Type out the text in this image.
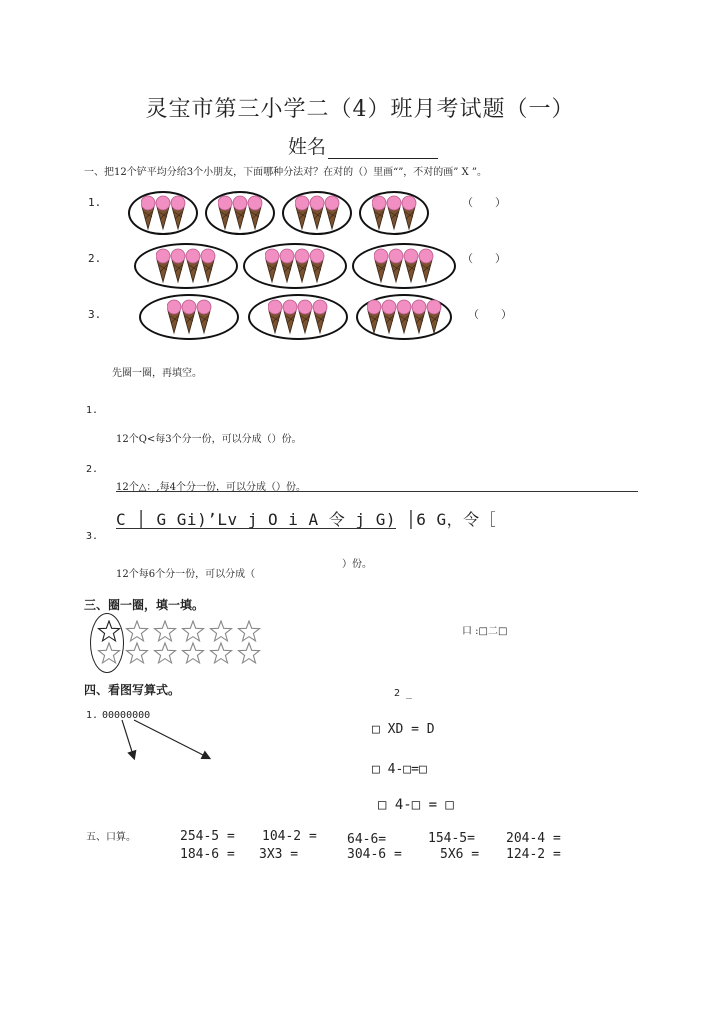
灵宝市第三小学二（4）班月考试题（一）
姓名
一、把12个铲平均分给3个小朋友，下面哪种分法对？在对的（）里画“”，不对的画” X ”。
1.
2.
3.
（　　）
（　　）
（　　）
先圈一圈，再填空。
1.
12个Q<每3个分一份，可以分成（）份。
2.
12个△：,每4个分一份，可以分成（）份。
C │ G Gi)ʼLv j O i A 令 j G) │6 G，令［
3.
12个每6个分一份，可以分成（
）份。
三、圈一圈，填一填。
口 :□二□
四、看图写算式。	2 _
1. 00000000
□ XD = D
□ 4-□=□
□ 4-□ = □
五、口算。	254-5 = 104-2 = 64-6=	154-5= 204-4 =
184-6 = 3X3 =	304-6 =	5X6 = 124-2 =
